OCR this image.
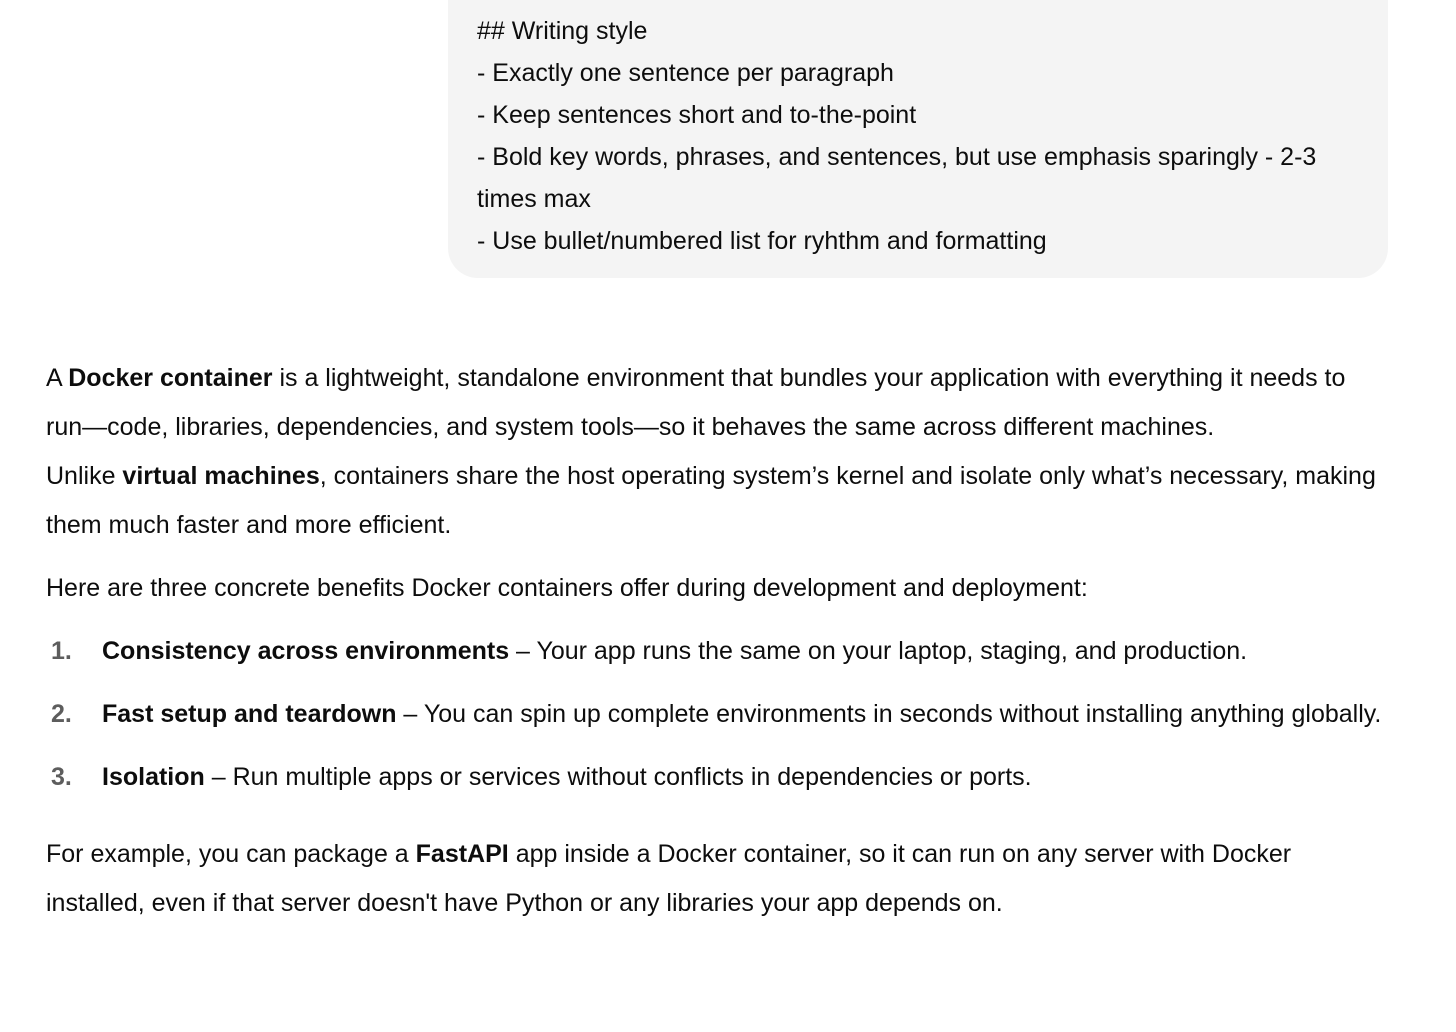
## Writing style
- Exactly one sentence per paragraph
- Keep sentences short and to-the-point
- Bold key words, phrases, and sentences, but use emphasis sparingly - 2-3 times max
- Use bullet/numbered list for ryhthm and formatting

A Docker container is a lightweight, standalone environment that bundles your application with everything it needs to run—code, libraries, dependencies, and system tools—so it behaves the same across different machines.

Unlike virtual machines, containers share the host operating system’s kernel and isolate only what’s necessary, making them much faster and more efficient.

Here are three concrete benefits Docker containers offer during development and deployment:

1. Consistency across environments – Your app runs the same on your laptop, staging, and production.
2. Fast setup and teardown – You can spin up complete environments in seconds without installing anything globally.
3. Isolation – Run multiple apps or services without conflicts in dependencies or ports.

For example, you can package a FastAPI app inside a Docker container, so it can run on any server with Docker installed, even if that server doesn't have Python or any libraries your app depends on.
